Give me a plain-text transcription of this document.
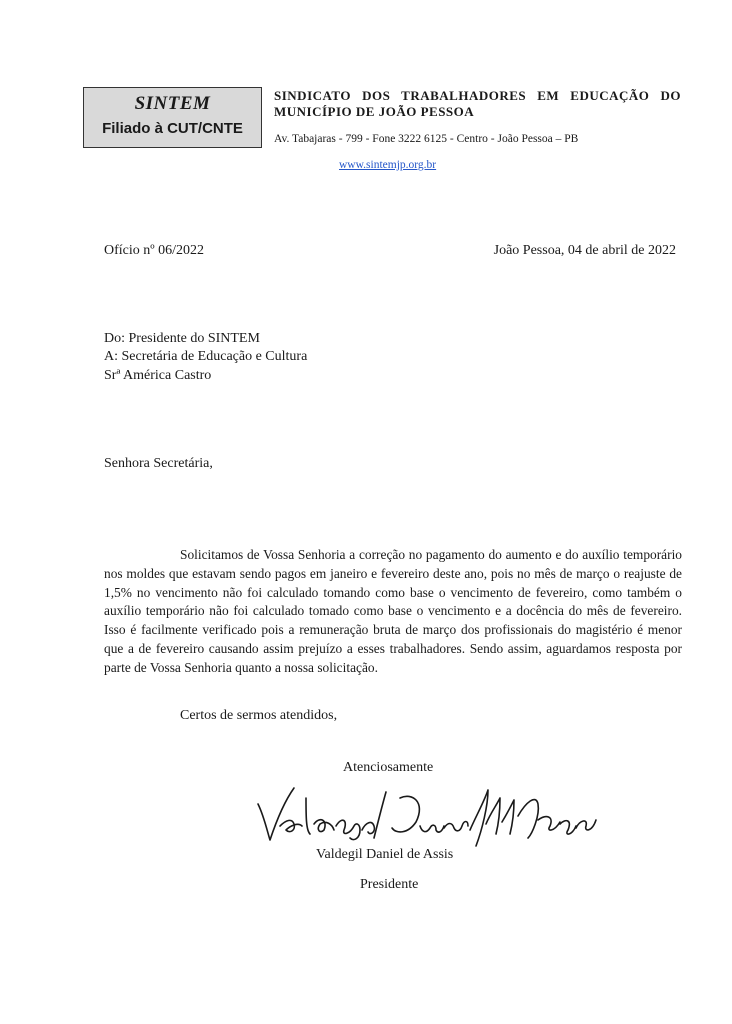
SINTEM
Filiado à CUT/CNTE
SINDICATO DOS TRABALHADORES EM EDUCAÇÃO DO MUNICÍPIO DE JOÃO PESSOA
Av. Tabajaras - 799 - Fone 3222 6125 - Centro - João Pessoa – PB
www.sintemjp.org.br
Ofício nº 06/2022	João Pessoa, 04 de abril de 2022
Do: Presidente do SINTEM
A: Secretária de Educação e Cultura
Srª América Castro
Senhora Secretária,
Solicitamos de Vossa Senhoria a correção no pagamento do aumento e do auxílio temporário nos moldes que estavam sendo pagos em janeiro e fevereiro deste ano, pois no mês de março o reajuste de 1,5% no vencimento não foi calculado tomando como base o vencimento de fevereiro, como também o auxílio temporário não foi calculado tomado como base o vencimento e a docência do mês de fevereiro. Isso é facilmente verificado pois a remuneração bruta de março dos profissionais do magistério é menor que a de fevereiro causando assim prejuízo a esses trabalhadores. Sendo assim, aguardamos resposta por parte de Vossa Senhoria quanto a nossa solicitação.
Certos de sermos atendidos,
Atenciosamente
Valdegil Daniel de Assis
Presidente
